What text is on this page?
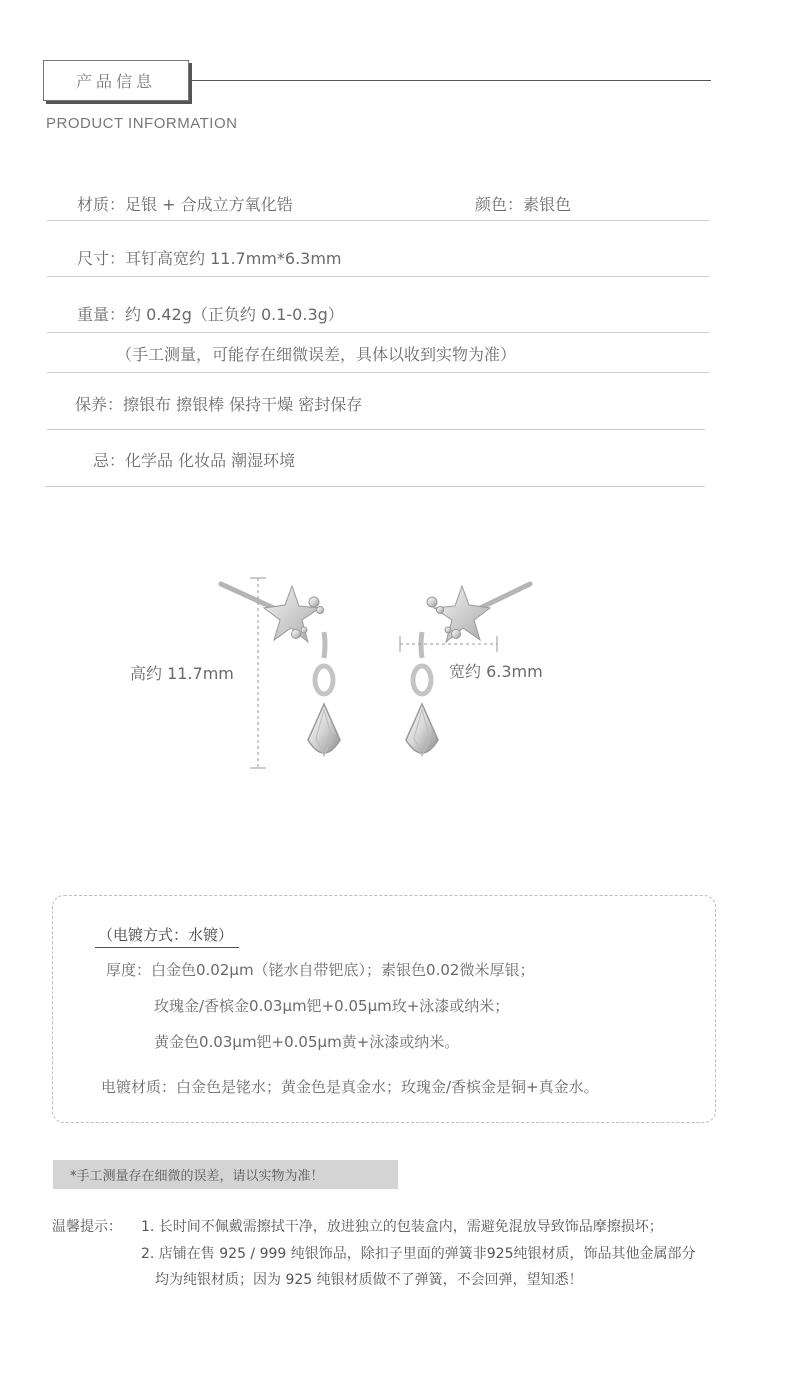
产品信息
PRODUCT INFORMATION
材质：足银 + 合成立方氧化锆	颜色：素银色
尺寸：耳钉高宽约 11.7mm*6.3mm
重量：约 0.42g（正负约 0.1-0.3g）
（手工测量，可能存在细微误差，具体以收到实物为准）
保养：擦银布 擦银棒 保持干燥 密封保存
忌：化学品 化妆品 潮湿环境
高约 11.7mm	宽约 6.3mm
（电镀方式：水镀）
厚度：白金色0.02μm（铑水自带钯底）；素银色0.02微米厚银；
玫瑰金/香槟金0.03μm钯+0.05μm玫+泳漆或纳米；
黄金色0.03μm钯+0.05μm黄+泳漆或纳米。
电镀材质：白金色是铑水；黄金色是真金水；玫瑰金/香槟金是铜+真金水。
*手工测量存在细微的误差，请以实物为准！
温馨提示： 1. 长时间不佩戴需擦拭干净，放进独立的包装盒内，需避免混放导致饰品摩擦损坏；
2. 店铺在售 925 / 999 纯银饰品，除扣子里面的弹簧非925纯银材质，饰品其他金属部分
均为纯银材质；因为 925 纯银材质做不了弹簧，不会回弹，望知悉！
